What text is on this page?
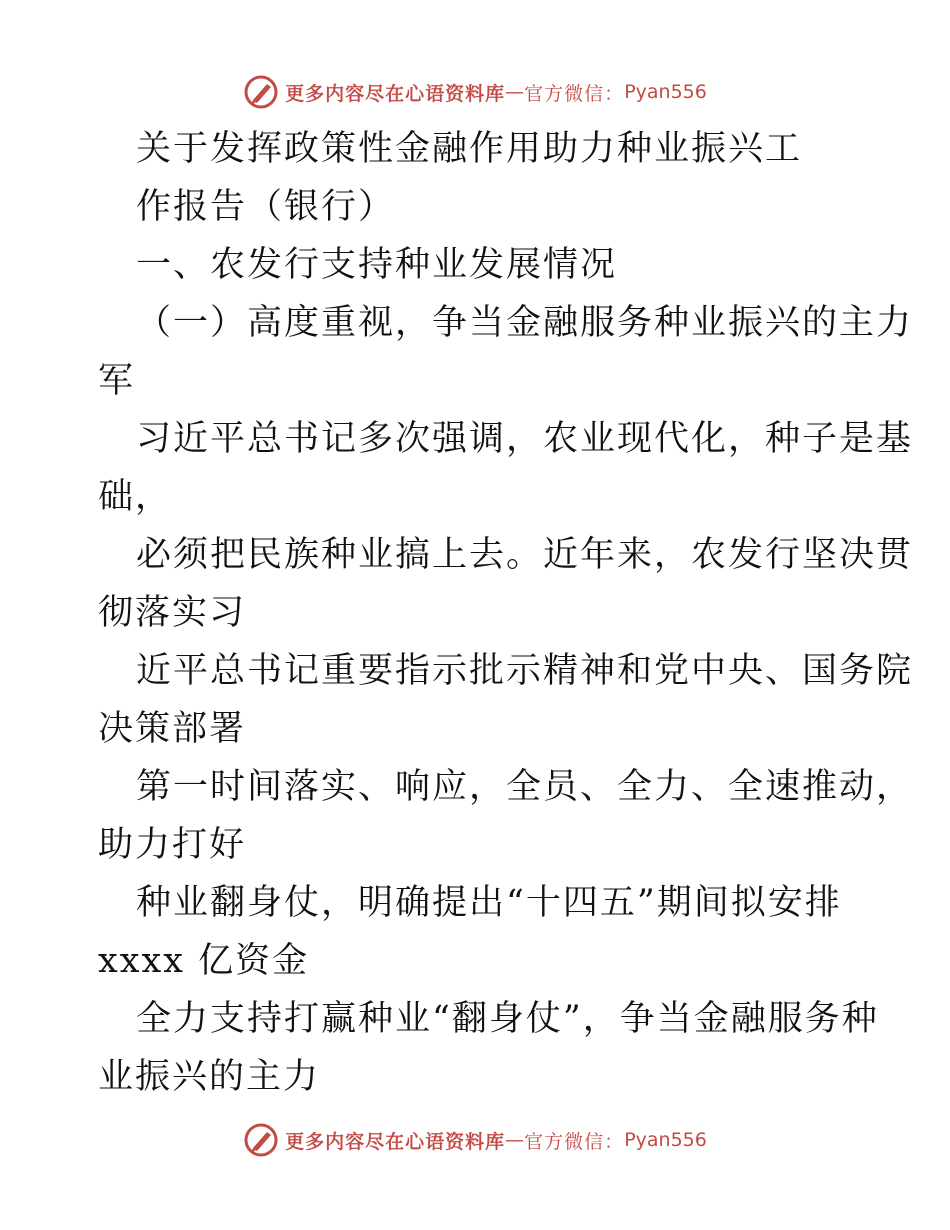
更多内容尽在心语资料库 — 官方微信： Pyan556
关于发挥政策性金融作用助力种业振兴工
作报告（银行）
一、农发行支持种业发展情况
（一）高度重视，争当金融服务种业振兴的主力
军
习近平总书记多次强调，农业现代化，种子是基
础，
必须把民族种业搞上去。近年来，农发行坚决贯
彻落实习
近平总书记重要指示批示精神和党中央、国务院
决策部署
第一时间落实、响应，全员、全力、全速推动，
助力打好
种业翻身仗，明确提出“十四五”期间拟安排
xxxx 亿资金
全力支持打赢种业“翻身仗”，争当金融服务种
业振兴的主力
更多内容尽在心语资料库 — 官方微信： Pyan556
